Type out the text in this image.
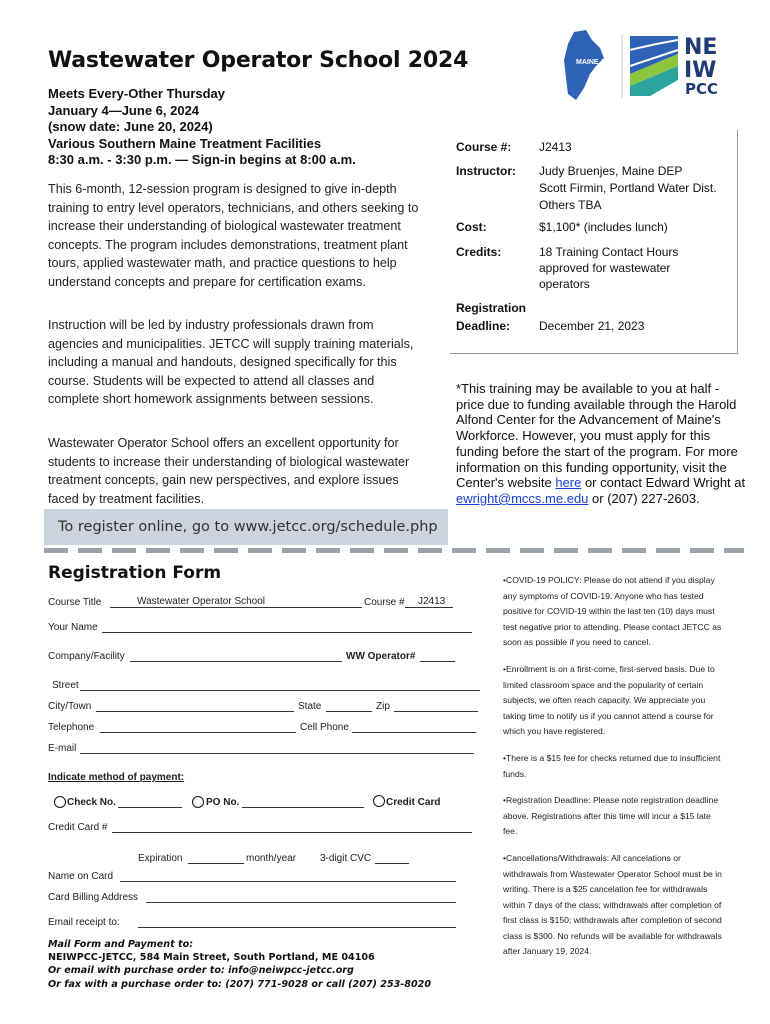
Wastewater Operator School 2024
Meets Every-Other Thursday
January 4—June 6, 2024
(snow date: June 20, 2024)
Various Southern Maine Treatment Facilities
8:30 a.m. - 3:30 p.m. — Sign-in begins at 8:00 a.m.
MAINE JETCC
NE
IW
PCC
This 6-month, 12-session program is designed to give in-depth training to entry level operators, technicians, and others seeking to increase their understanding of biological wastewater treatment concepts. The program includes demonstrations, treatment plant tours, applied wastewater math, and practice questions to help understand concepts and prepare for certification exams.
Instruction will be led by industry professionals drawn from agencies and municipalities. JETCC will supply training materials, including a manual and handouts, designed specifically for this course. Students will be expected to attend all classes and complete short homework assignments between sessions.
Wastewater Operator School offers an excellent opportunity for students to increase their understanding of biological wastewater treatment concepts, gain new perspectives, and explore issues faced by treatment facilities.
Course #: J2413
Instructor: Judy Bruenjes, Maine DEP
Scott Firmin, Portland Water Dist.
Others TBA
Cost:	$1,100* (includes lunch)
Credits:	18 Training Contact Hours
approved for wastewater
operators
Registration
Deadline: December 21, 2023
*This training may be available to you at half -price due to funding available through the Harold Alfond Center for the Advancement of Maine's Workforce. However, you must apply for this funding before the start of the program. For more information on this funding opportunity, visit the Center's website here or contact Edward Wright at ewright@mccs.me.edu or (207) 227-2603.
To register online, go to www.jetcc.org/schedule.php
Registration Form
Course Title	Wastewater Operator School	Course # J2413
Your Name
Company/Facility	WW Operator#
Street
City/Town	State	Zip
Telephone	Cell Phone
E-mail
Indicate method of payment:
Check No.	PO No.	Credit Card
Credit Card #
Expiration	month/year 3-digit CVC
Name on Card
Card Billing Address
Email receipt to:
Mail Form and Payment to:
NEIWPCC-JETCC, 584 Main Street, South Portland, ME 04106
Or email with purchase order to: info@neiwpcc-jetcc.org
Or fax with a purchase order to: (207) 771-9028 or call (207) 253-8020

•COVID-19 POLICY: Please do not attend if you display any symptoms of COVID-19. Anyone who has tested positive for COVID-19 within the last ten (10) days must test negative prior to attending. Please contact JETCC as soon as possible if you need to cancel.

•Enrollment is on a first-come, first-served basis. Due to limited classroom space and the popularity of certain subjects, we often reach capacity. We appreciate you taking time to notify us if you cannot attend a course for which you have registered.

•There is a $15 fee for checks returned due to insufficient funds.

•Registration Deadline: Please note registration deadline above. Registrations after this time will incur a $15 late fee.

•Cancellations/Withdrawals: All cancelations or withdrawals from Wastewater Operator School must be in writing. There is a $25 cancelation fee for withdrawals within 7 days of the class; withdrawals after completion of first class is $150; withdrawals after completion of second class is $300. No refunds will be available for withdrawals after January 19, 2024.
